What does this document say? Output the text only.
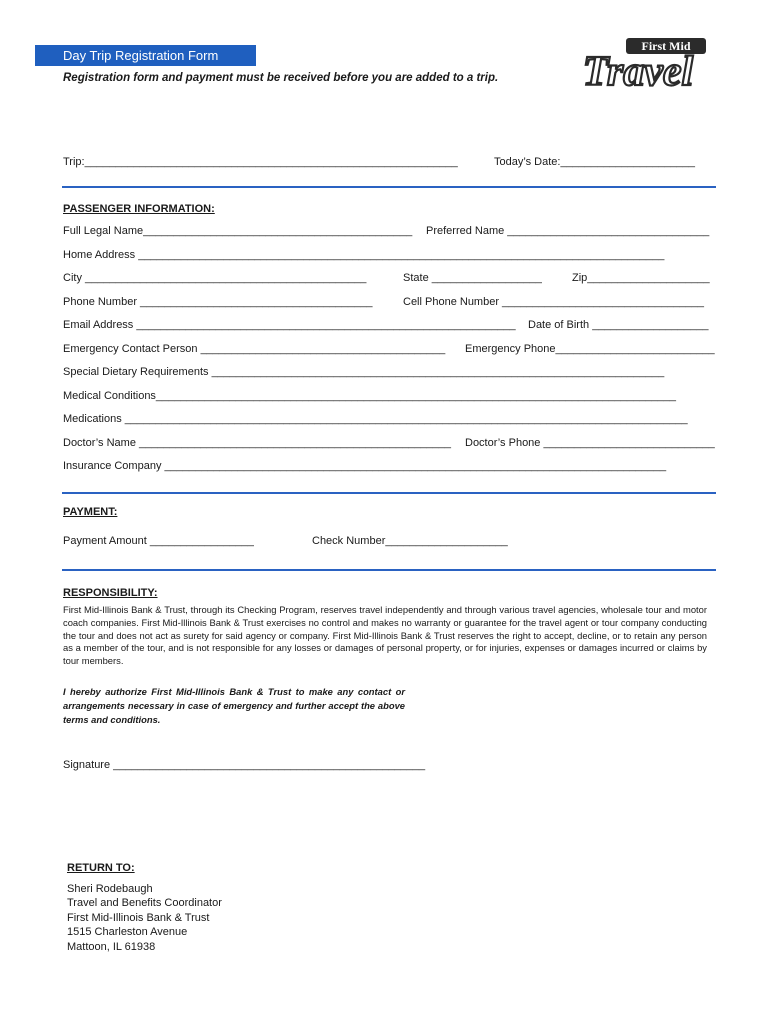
Day Trip Registration Form
Registration form and payment must be received before you are added to a trip.
First Mid
Travel
Trip:_____________________________________________________________	Today’s Date:______________________
PASSENGER INFORMATION:
Full Legal Name____________________________________________ Preferred Name _________________________________
Home Address ______________________________________________________________________________________
City ______________________________________________	State __________________	Zip____________________
Phone Number ______________________________________	Cell Phone Number _________________________________
Email Address ______________________________________________________________ Date of Birth ___________________
Emergency Contact Person ________________________________________ Emergency Phone__________________________
Special Dietary Requirements __________________________________________________________________________
Medical Conditions_____________________________________________________________________________________
Medications ____________________________________________________________________________________________
Doctor’s Name ___________________________________________________ Doctor’s Phone ____________________________
Insurance Company __________________________________________________________________________________
PAYMENT:
Payment Amount _________________	Check Number____________________
RESPONSIBILITY:
First Mid-Illinois Bank & Trust, through its Checking Program, reserves travel independently and through various travel agencies, wholesale tour and motor coach companies. First Mid-Illinois Bank & Trust exercises no control and makes no warranty or guarantee for the travel agent or tour company conducting the tour and does not act as surety for said agency or company. First Mid-Illinois Bank & Trust reserves the right to accept, decline, or to retain any person as a member of the tour, and is not responsible for any losses or damages of personal property, or for injuries, expenses or damages incurred or claims by tour members.
I hereby authorize First Mid-Illinois Bank & Trust to make any contact or arrangements necessary in case of emergency and further accept the above terms and conditions.
Signature ___________________________________________________
RETURN TO:
Sheri Rodebaugh
Travel and Benefits Coordinator
First Mid-Illinois Bank & Trust
1515 Charleston Avenue
Mattoon, IL 61938
